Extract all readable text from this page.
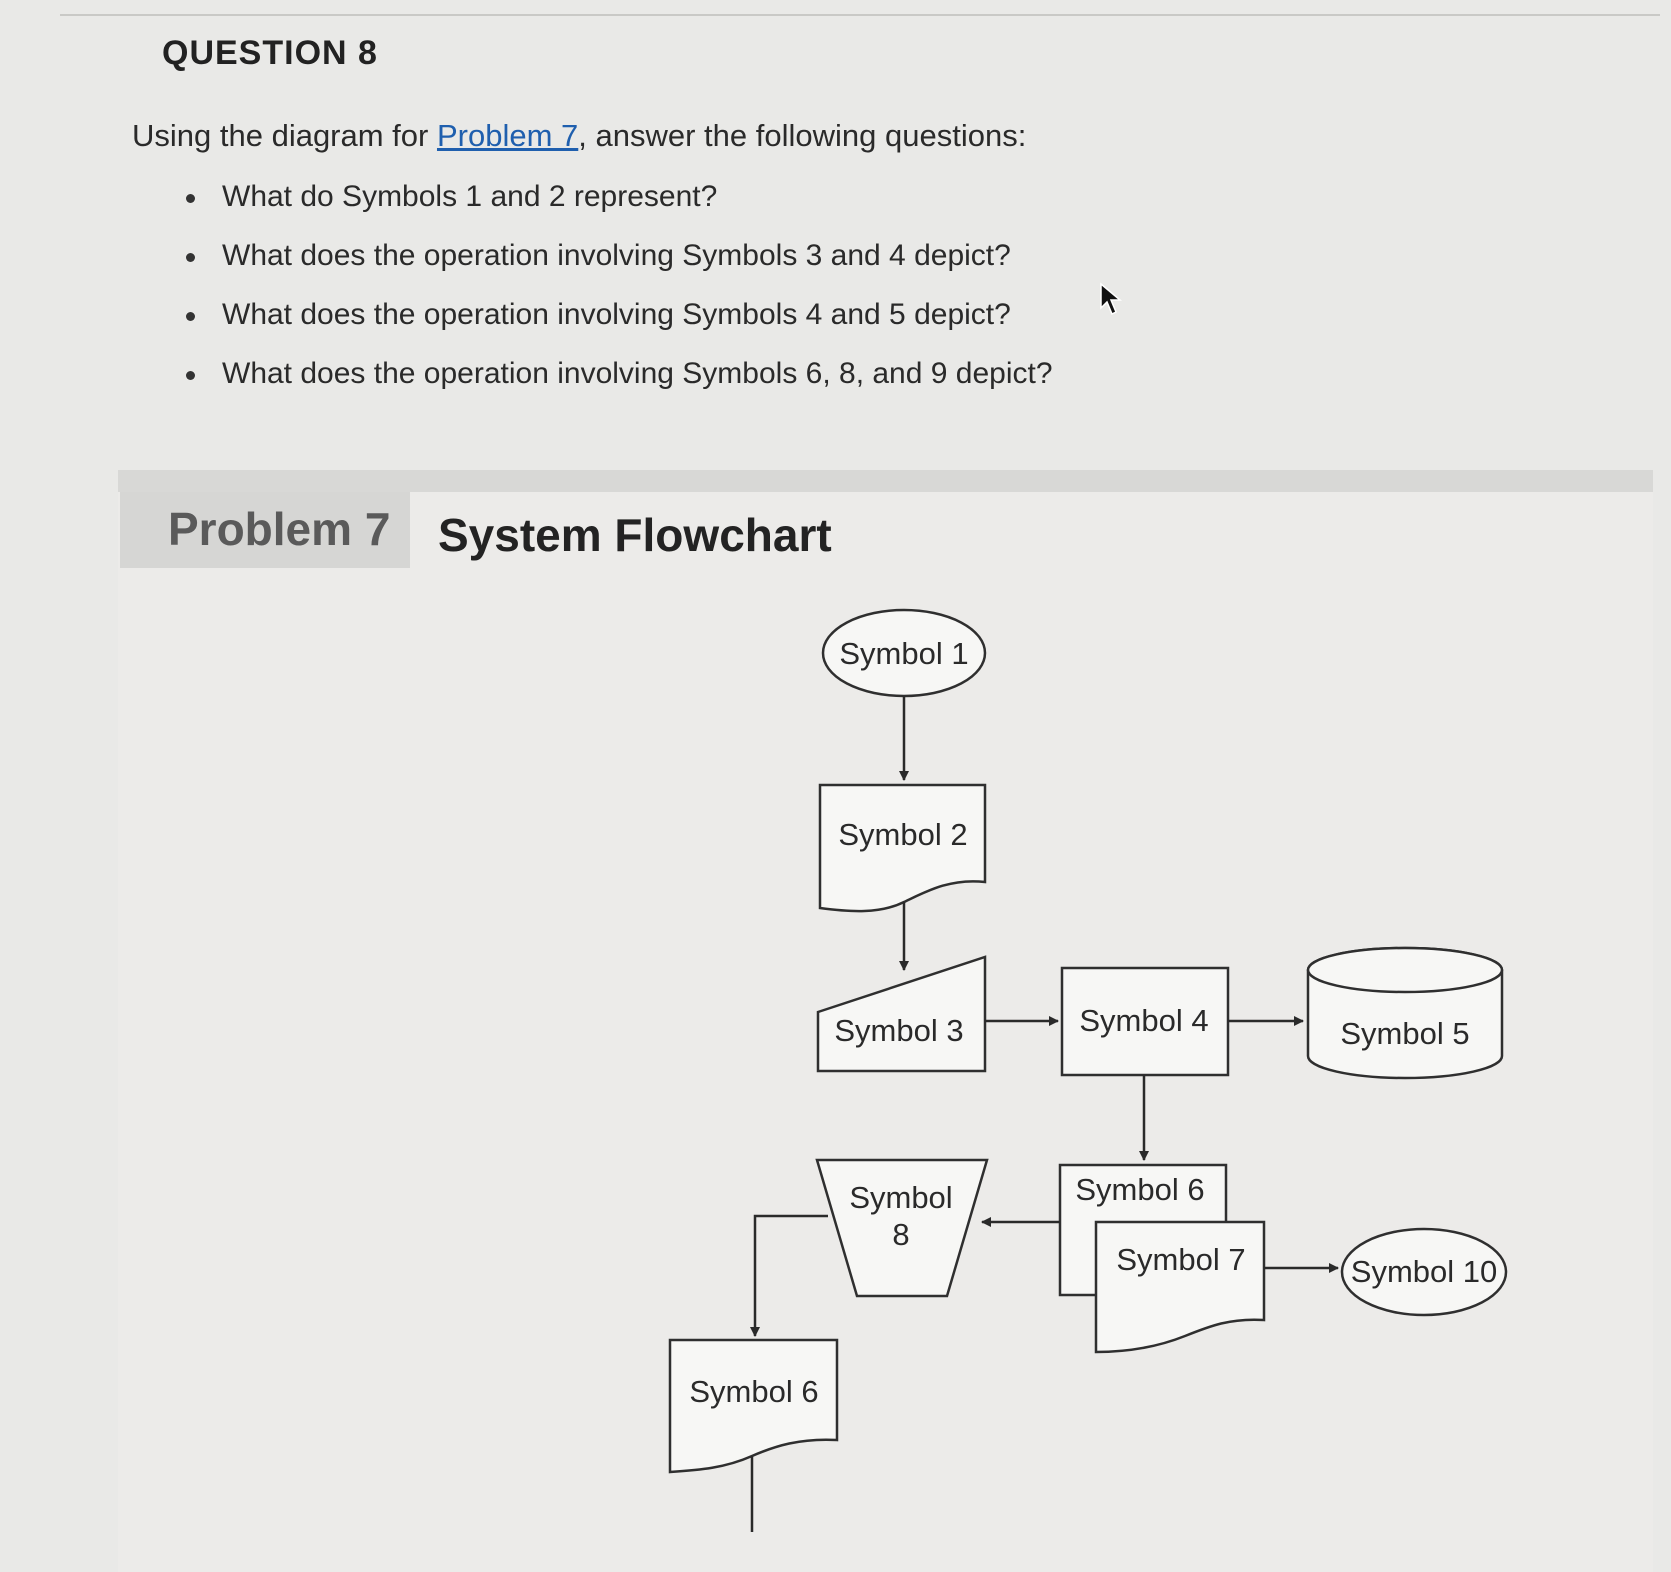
QUESTION 8
Using the diagram for Problem 7, answer the following questions:
What do Symbols 1 and 2 represent?
What does the operation involving Symbols 3 and 4 depict?
What does the operation involving Symbols 4 and 5 depict?
What does the operation involving Symbols 6, 8, and 9 depict?
Problem 7 System Flowchart
Symbol 1
Symbol 2
Symbol 3	Symbol 4	Symbol 5
Symbol 6
Symbol 7
Symbol
8
Symbol 10
Symbol 6
